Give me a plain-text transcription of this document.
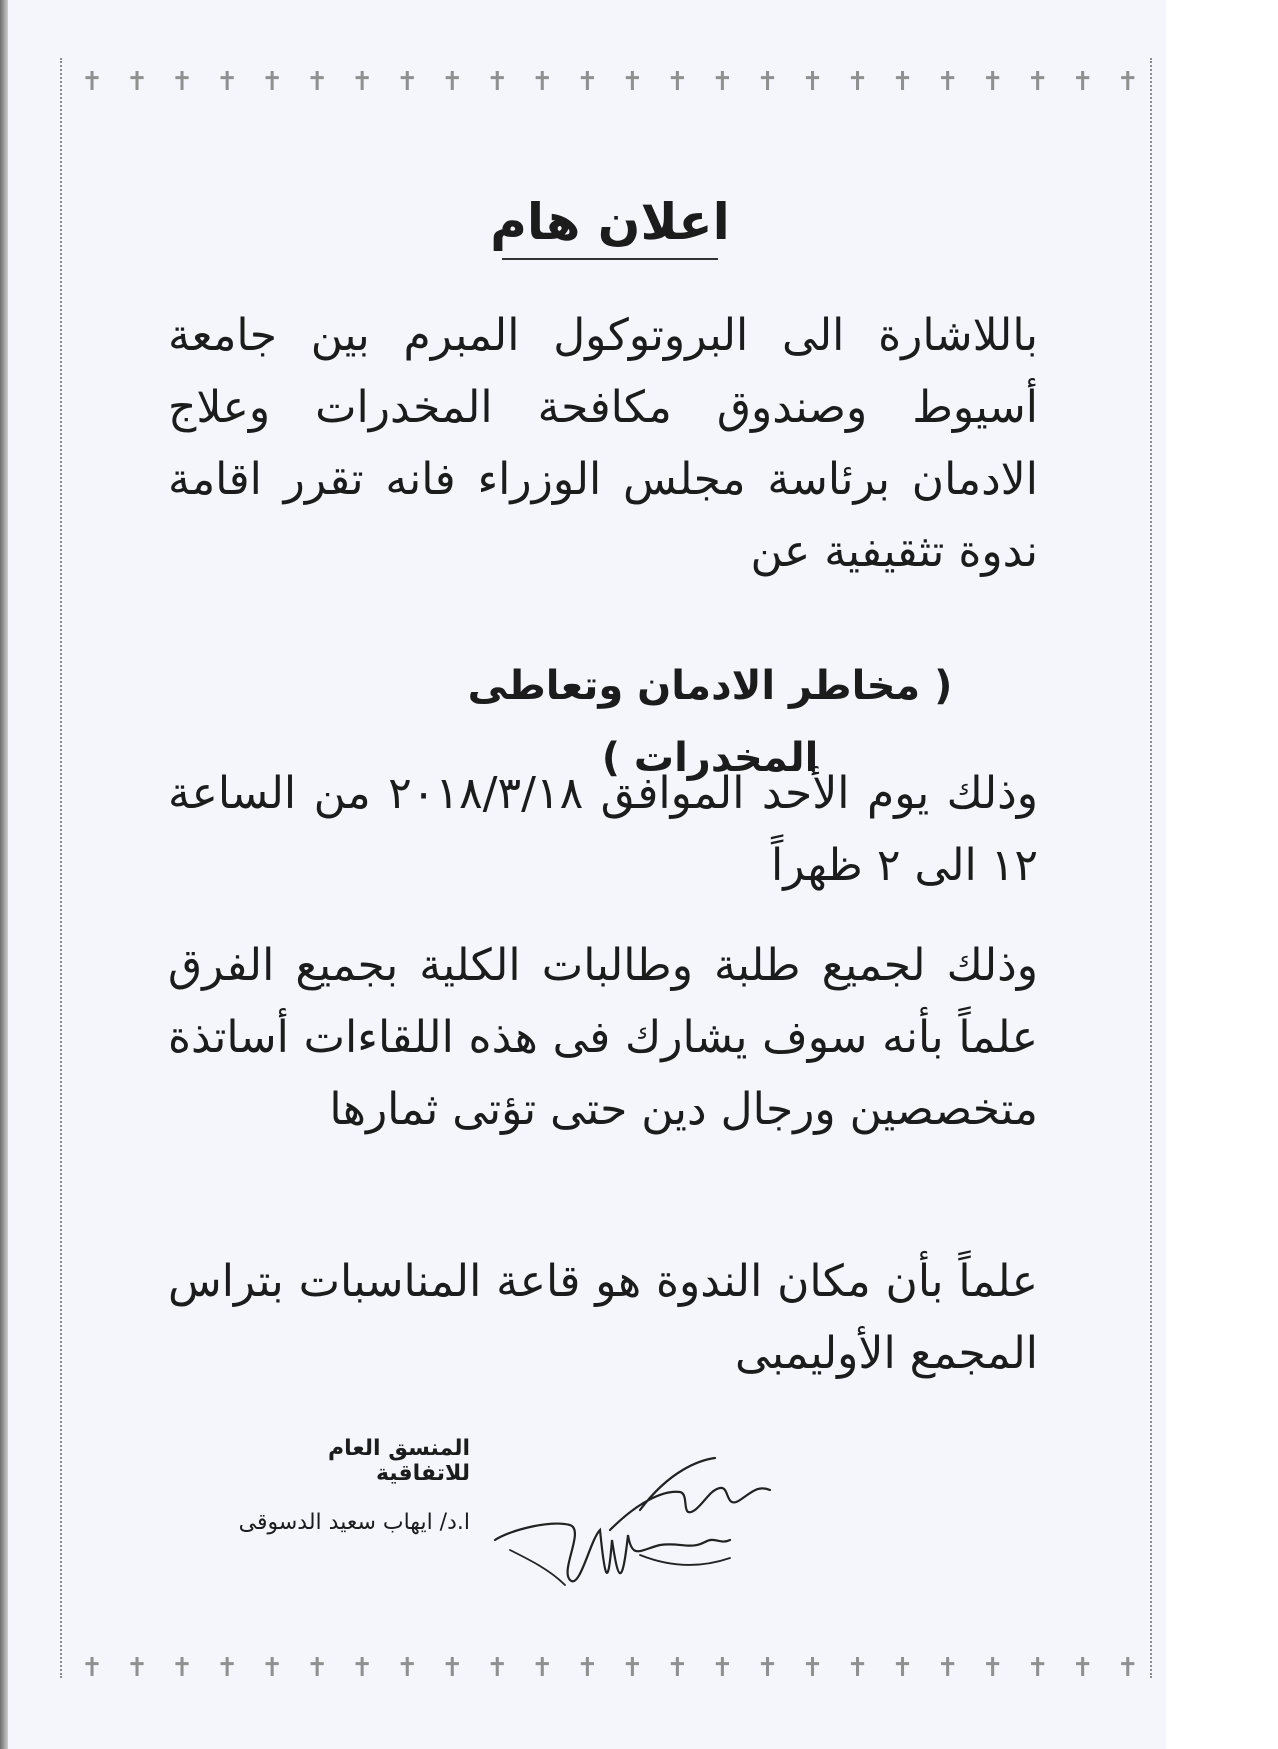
✝ ✝ ✝ ✝ ✝ ✝ ✝ ✝ ✝ ✝ ✝ ✝ ✝ ✝ ✝ ✝ ✝ ✝ ✝ ✝ ✝ ✝ ✝ ✝
اعلان هام

باللاشارة الى البروتوكول المبرم بين جامعة أسيوط وصندوق مكافحة المخدرات وعلاج الادمان برئاسة مجلس الوزراء فانه تقرر اقامة ندوة تثقيفية عن

( مخاطر الادمان وتعاطى المخدرات )

وذلك يوم الأحد الموافق ٢٠١٨/٣/١٨ من الساعة ١٢ الى ٢ ظهراً

وذلك لجميع طلبة وطالبات الكلية بجميع الفرق علماً بأنه سوف يشارك فى هذه اللقاءات أساتذة متخصصين ورجال دين حتى تؤتى ثمارها

علماً بأن مكان الندوة هو قاعة المناسبات بتراس المجمع الأوليمبى

المنسق العام للاتفاقية

ا.د/ ايهاب سعيد الدسوقى

✝ ✝ ✝ ✝ ✝ ✝ ✝ ✝ ✝ ✝ ✝ ✝ ✝ ✝ ✝ ✝ ✝ ✝ ✝ ✝ ✝ ✝ ✝ ✝
